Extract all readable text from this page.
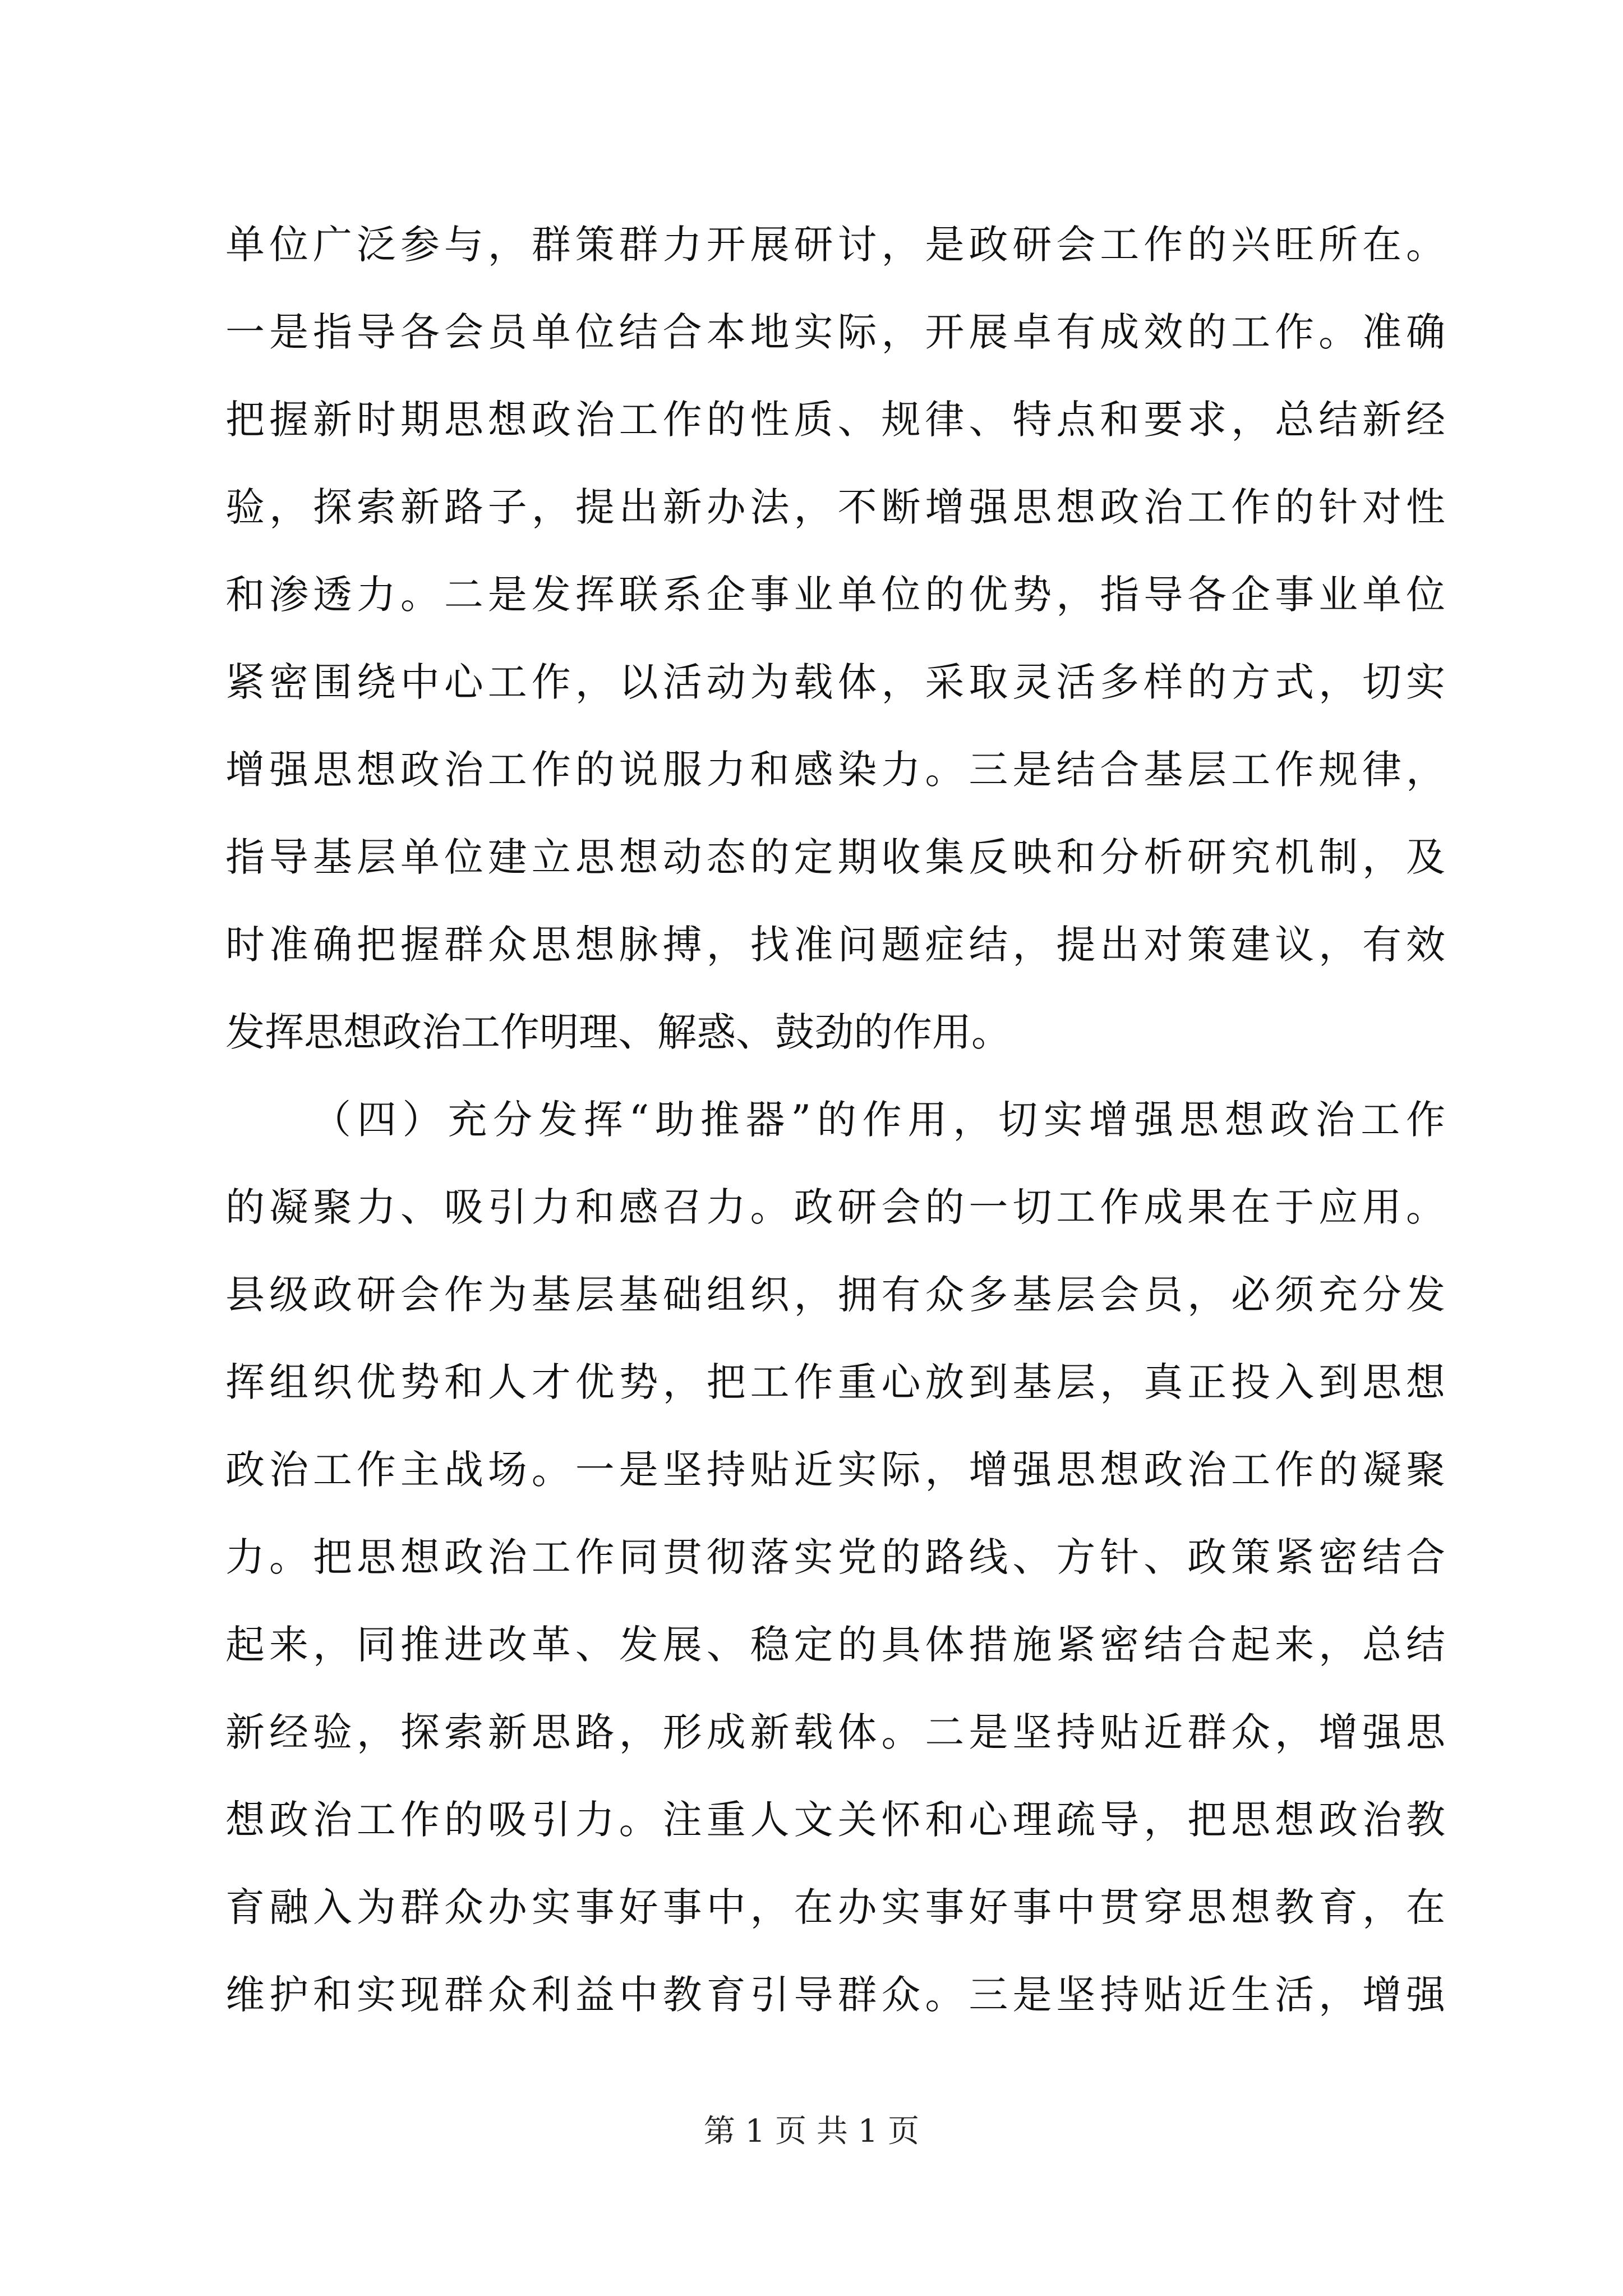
单位广泛参与，群策群力开展研讨，是政研会工作的兴旺所在。
一是指导各会员单位结合本地实际，开展卓有成效的工作。准确
把握新时期思想政治工作的性质、规律、特点和要求，总结新经
验，探索新路子，提出新办法，不断增强思想政治工作的针对性
和渗透力。二是发挥联系企事业单位的优势，指导各企事业单位
紧密围绕中心工作，以活动为载体，采取灵活多样的方式，切实
增强思想政治工作的说服力和感染力。三是结合基层工作规律，
指导基层单位建立思想动态的定期收集反映和分析研究机制，及
时准确把握群众思想脉搏，找准问题症结，提出对策建议，有效
发挥思想政治工作明理、解惑、鼓劲的作用。
（四）充分发挥“助推器”的作用，切实增强思想政治工作
的凝聚力、吸引力和感召力。政研会的一切工作成果在于应用。
县级政研会作为基层基础组织，拥有众多基层会员，必须充分发
挥组织优势和人才优势，把工作重心放到基层，真正投入到思想
政治工作主战场。一是坚持贴近实际，增强思想政治工作的凝聚
力。把思想政治工作同贯彻落实党的路线、方针、政策紧密结合
起来，同推进改革、发展、稳定的具体措施紧密结合起来，总结
新经验，探索新思路，形成新载体。二是坚持贴近群众，增强思
想政治工作的吸引力。注重人文关怀和心理疏导，把思想政治教
育融入为群众办实事好事中，在办实事好事中贯穿思想教育，在
维护和实现群众利益中教育引导群众。三是坚持贴近生活，增强
第 1 页 共 1 页
